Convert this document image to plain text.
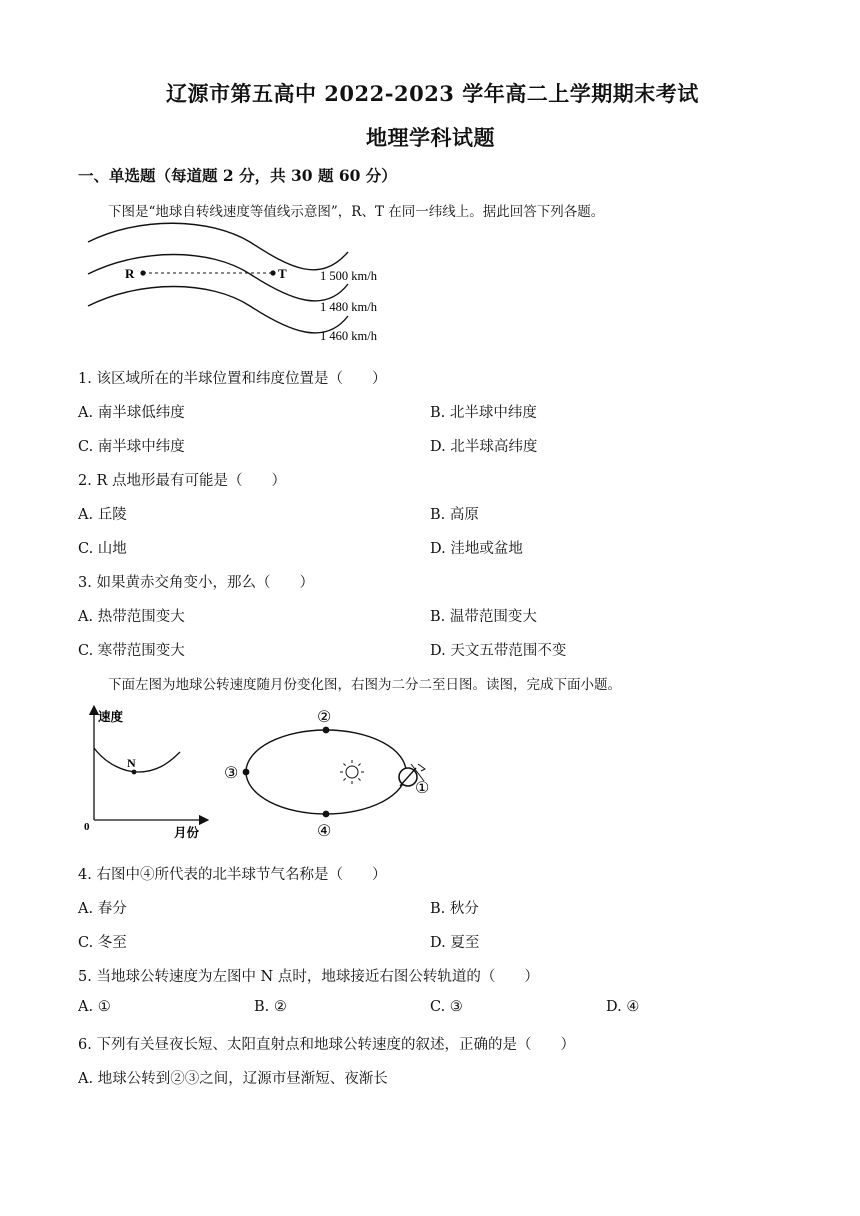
辽源市第五高中 2022-2023 学年高二上学期期末考试
地理学科试题
一、单选题（每道题 2 分，共 30 题 60 分）
下图是“地球自转线速度等值线示意图”，R、T 在同一纬线上。据此回答下列各题。
R	T	1 500 km/h
1 480 km/h
1 460 km/h
1. 该区域所在的半球位置和纬度位置是（　　）
A. 南半球低纬度	B. 北半球中纬度
C. 南半球中纬度	D. 北半球高纬度
2. R 点地形最有可能是（　　）
A. 丘陵	B. 高原
C. 山地	D. 洼地或盆地
3. 如果黄赤交角变小，那么（　　）
A. 热带范围变大	B. 温带范围变大
C. 寒带范围变大	D. 天文五带范围不变
下面左图为地球公转速度随月份变化图，右图为二分二至日图。读图，完成下面小题。
N
速度
0	月份
②
③
④
①
4. 右图中④所代表的北半球节气名称是（　　）
A. 春分	B. 秋分
C. 冬至	D. 夏至
5. 当地球公转速度为左图中 N 点时，地球接近右图公转轨道的（　　）
A. ①	B. ②	C. ③	D. ④
6. 下列有关昼夜长短、太阳直射点和地球公转速度的叙述，正确的是（　　）
A. 地球公转到②③之间，辽源市昼渐短、夜渐长
